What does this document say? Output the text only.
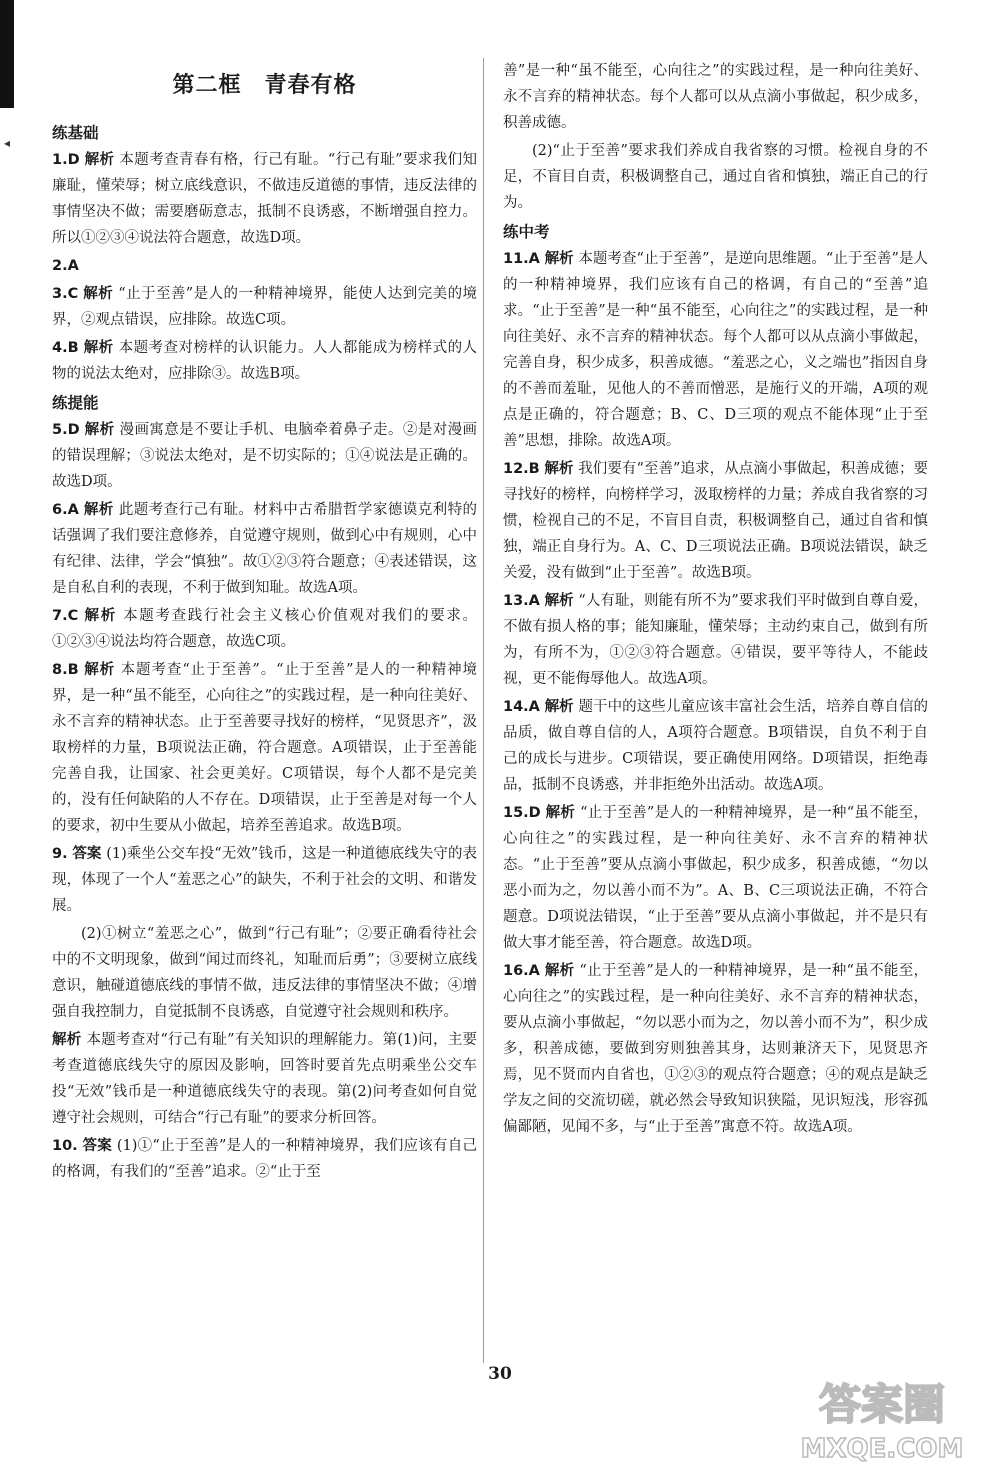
◂
第二框　青春有格
练基础
1.D 解析 本题考查青春有格，行己有耻。“行己有耻”要求我们知廉耻，懂荣辱；树立底线意识，不做违反道德的事情，违反法律的事情坚决不做；需要磨砺意志，抵制不良诱惑，不断增强自控力。所以①②③④说法符合题意，故选D项。
2.A
3.C 解析 “止于至善”是人的一种精神境界，能使人达到完美的境界，②观点错误，应排除。故选C项。
4.B 解析 本题考查对榜样的认识能力。人人都能成为榜样式的人物的说法太绝对，应排除③。故选B项。
练提能
5.D 解析 漫画寓意是不要让手机、电脑牵着鼻子走。②是对漫画的错误理解；③说法太绝对，是不切实际的；①④说法是正确的。故选D项。
6.A 解析 此题考查行己有耻。材料中古希腊哲学家德谟克利特的话强调了我们要注意修养，自觉遵守规则，做到心中有规则，心中有纪律、法律，学会“慎独”。故①②③符合题意；④表述错误，这是自私自利的表现，不利于做到知耻。故选A项。
7.C 解析 本题考查践行社会主义核心价值观对我们的要求。①②③④说法均符合题意，故选C项。
8.B 解析 本题考查“止于至善”。“止于至善”是人的一种精神境界，是一种“虽不能至，心向往之”的实践过程，是一种向往美好、永不言弃的精神状态。止于至善要寻找好的榜样，“见贤思齐”，汲取榜样的力量，B项说法正确，符合题意。A项错误，止于至善能完善自我，让国家、社会更美好。C项错误，每个人都不是完美的，没有任何缺陷的人不存在。D项错误，止于至善是对每一个人的要求，初中生要从小做起，培养至善追求。故选B项。
9. 答案 (1)乘坐公交车投“无效”钱币，这是一种道德底线失守的表现，体现了一个人“羞恶之心”的缺失，不利于社会的文明、和谐发展。
(2)①树立“羞恶之心”，做到“行己有耻”；②要正确看待社会中的不文明现象，做到“闻过而终礼，知耻而后勇”；③要树立底线意识，触碰道德底线的事情不做，违反法律的事情坚决不做；④增强自我控制力，自觉抵制不良诱惑，自觉遵守社会规则和秩序。
解析 本题考查对“行己有耻”有关知识的理解能力。第(1)问，主要考查道德底线失守的原因及影响，回答时要首先点明乘坐公交车投“无效”钱币是一种道德底线失守的表现。第(2)问考查如何自觉遵守社会规则，可结合“行己有耻”的要求分析回答。
10. 答案 (1)①“止于至善”是人的一种精神境界，我们应该有自己的格调，有我们的“至善”追求。②“止于至
善”是一种“虽不能至，心向往之”的实践过程，是一种向往美好、永不言弃的精神状态。每个人都可以从点滴小事做起，积少成多，积善成德。
(2)“止于至善”要求我们养成自我省察的习惯。检视自身的不足，不盲目自责，积极调整自己，通过自省和慎独，端正自己的行为。
练中考
11.A 解析 本题考查“止于至善”，是逆向思维题。“止于至善”是人的一种精神境界，我们应该有自己的格调，有自己的“至善”追求。“止于至善”是一种“虽不能至，心向往之”的实践过程，是一种向往美好、永不言弃的精神状态。每个人都可以从点滴小事做起，完善自身，积少成多，积善成德。“羞恶之心，义之端也”指因自身的不善而羞耻，见他人的不善而憎恶，是施行义的开端，A项的观点是正确的，符合题意；B、C、D三项的观点不能体现“止于至善”思想，排除。故选A项。
12.B 解析 我们要有“至善”追求，从点滴小事做起，积善成德；要寻找好的榜样，向榜样学习，汲取榜样的力量；养成自我省察的习惯，检视自己的不足，不盲目自责，积极调整自己，通过自省和慎独，端正自身行为。A、C、D三项说法正确。B项说法错误，缺乏关爱，没有做到“止于至善”。故选B项。
13.A 解析 “人有耻，则能有所不为”要求我们平时做到自尊自爱，不做有损人格的事；能知廉耻，懂荣辱；主动约束自己，做到有所为，有所不为，①②③符合题意。④错误，要平等待人，不能歧视，更不能侮辱他人。故选A项。
14.A 解析 题干中的这些儿童应该丰富社会生活，培养自尊自信的品质，做自尊自信的人，A项符合题意。B项错误，自负不利于自己的成长与进步。C项错误，要正确使用网络。D项错误，拒绝毒品，抵制不良诱惑，并非拒绝外出活动。故选A项。
15.D 解析 “止于至善”是人的一种精神境界，是一种“虽不能至，心向往之”的实践过程，是一种向往美好、永不言弃的精神状态。“止于至善”要从点滴小事做起，积少成多，积善成德，“勿以恶小而为之，勿以善小而不为”。A、B、C三项说法正确，不符合题意。D项说法错误，“止于至善”要从点滴小事做起，并不是只有做大事才能至善，符合题意。故选D项。
16.A 解析 “止于至善”是人的一种精神境界，是一种“虽不能至，心向往之”的实践过程，是一种向往美好、永不言弃的精神状态，要从点滴小事做起，“勿以恶小而为之，勿以善小而不为”，积少成多，积善成德，要做到穷则独善其身，达则兼济天下，见贤思齐焉，见不贤而内自省也，①②③的观点符合题意；④的观点是缺乏学友之间的交流切磋，就必然会导致知识狭隘，见识短浅，形容孤偏鄙陋，见闻不多，与“止于至善”寓意不符。故选A项。
30
答案圈
MXQE.COM
